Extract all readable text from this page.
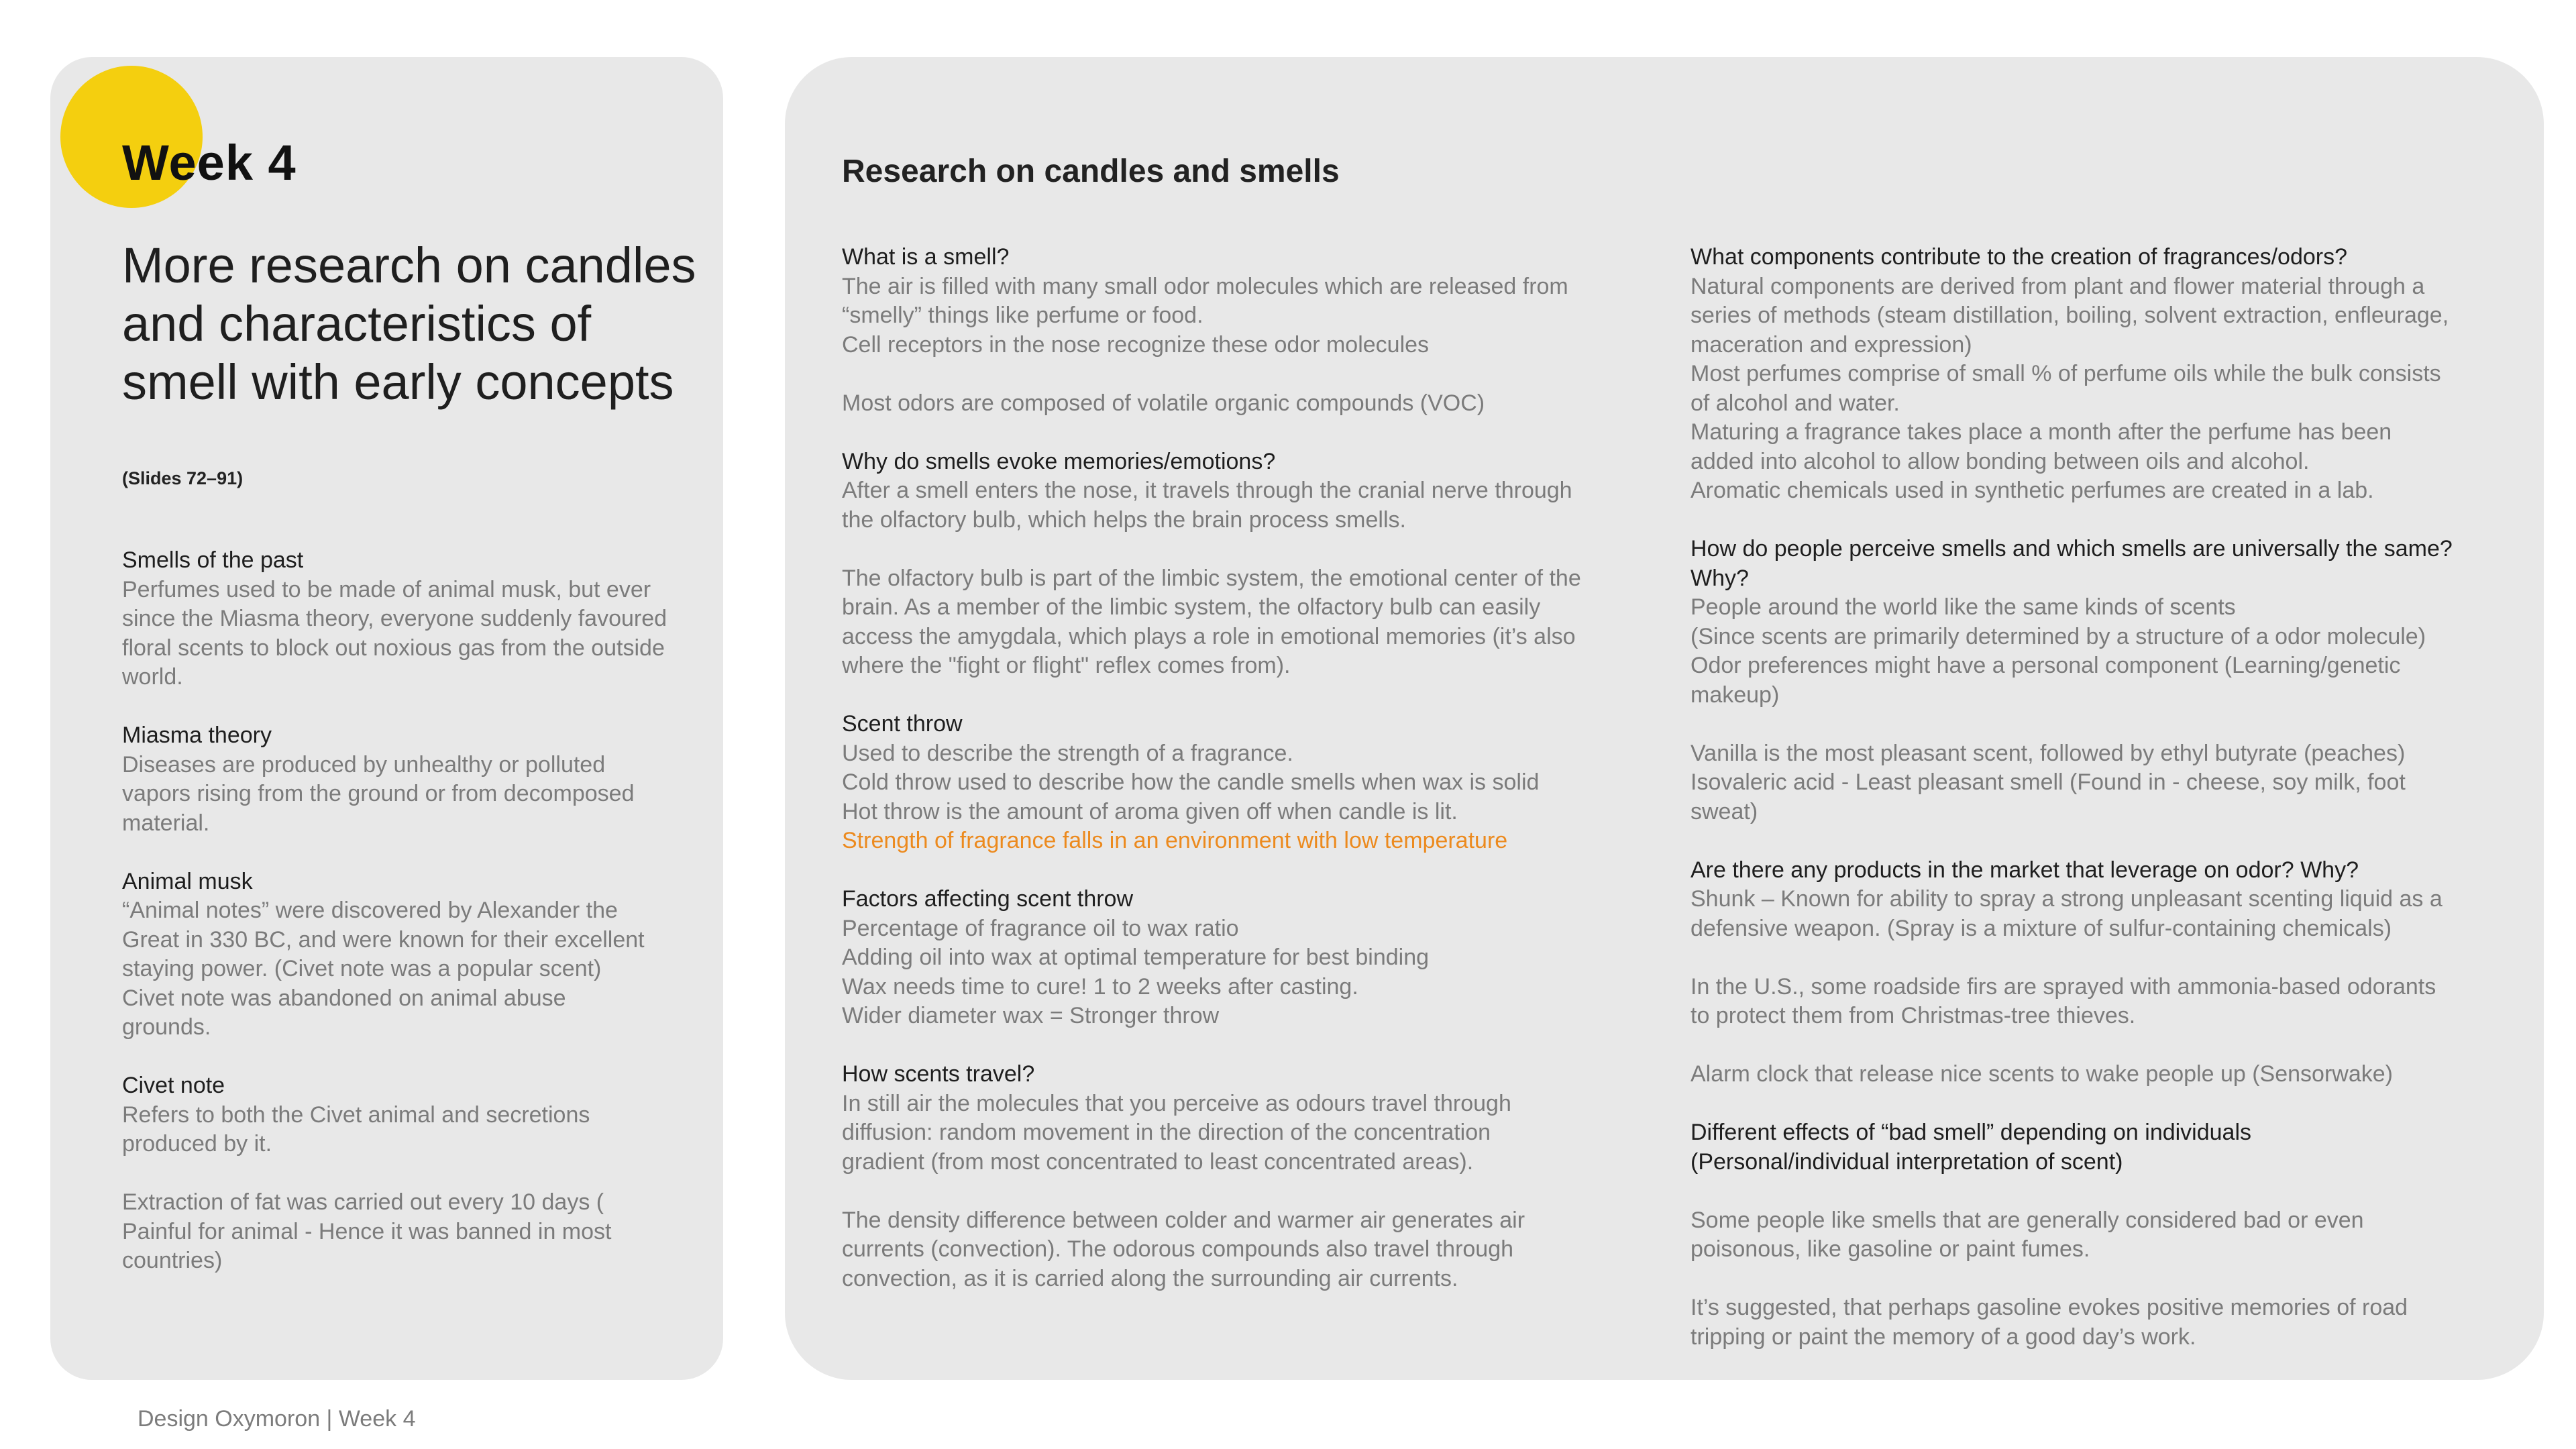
Week 4
More research on candles and characteristics of smell with early concepts
(Slides 72–91)
Smells of the past
Perfumes used to be made of animal musk, but ever
since the Miasma theory, everyone suddenly favoured
floral scents to block out noxious gas from the outside
world.
Miasma theory
Diseases are produced by unhealthy or polluted
vapors rising from the ground or from decomposed
material.
Animal musk
“Animal notes” were discovered by Alexander the
Great in 330 BC, and were known for their excellent
staying power. (Civet note was a popular scent)
Civet note was abandoned on animal abuse
grounds.
Civet note
Refers to both the Civet animal and secretions
produced by it.
Extraction of fat was carried out every 10 days (
Painful for animal - Hence it was banned in most
countries)
Research on candles and smells
What is a smell?
The air is filled with many small odor molecules which are released from
“smelly” things like perfume or food.
Cell receptors in the nose recognize these odor molecules
Most odors are composed of volatile organic compounds (VOC)
Why do smells evoke memories/emotions?
After a smell enters the nose, it travels through the cranial nerve through
the olfactory bulb, which helps the brain process smells.
The olfactory bulb is part of the limbic system, the emotional center of the
brain. As a member of the limbic system, the olfactory bulb can easily
access the amygdala, which plays a role in emotional memories (it’s also
where the "fight or flight" reflex comes from).
Scent throw
Used to describe the strength of a fragrance.
Cold throw used to describe how the candle smells when wax is solid
Hot throw is the amount of aroma given off when candle is lit.
Strength of fragrance falls in an environment with low temperature
Factors affecting scent throw
Percentage of fragrance oil to wax ratio
Adding oil into wax at optimal temperature for best binding
Wax needs time to cure! 1 to 2 weeks after casting.
Wider diameter wax = Stronger throw
How scents travel?
In still air the molecules that you perceive as odours travel through
diffusion: random movement in the direction of the concentration
gradient (from most concentrated to least concentrated areas).
The density difference between colder and warmer air generates air
currents (convection). The odorous compounds also travel through
convection, as it is carried along the surrounding air currents.
What components contribute to the creation of fragrances/odors?
Natural components are derived from plant and flower material through a
series of methods (steam distillation, boiling, solvent extraction, enfleurage,
maceration and expression)
Most perfumes comprise of small % of perfume oils while the bulk consists
of alcohol and water.
Maturing a fragrance takes place a month after the perfume has been
added into alcohol to allow bonding between oils and alcohol.
Aromatic chemicals used in synthetic perfumes are created in a lab.
How do people perceive smells and which smells are universally the same?
Why?
People around the world like the same kinds of scents
(Since scents are primarily determined by a structure of a odor molecule)
Odor preferences might have a personal component (Learning/genetic
makeup)
Vanilla is the most pleasant scent, followed by ethyl butyrate (peaches)
Isovaleric acid - Least pleasant smell (Found in - cheese, soy milk, foot
sweat)
Are there any products in the market that leverage on odor? Why?
Shunk – Known for ability to spray a strong unpleasant scenting liquid as a
defensive weapon. (Spray is a mixture of sulfur-containing chemicals)
In the U.S., some roadside firs are sprayed with ammonia-based odorants
to protect them from Christmas-tree thieves.
Alarm clock that release nice scents to wake people up (Sensorwake)
Different effects of “bad smell” depending on individuals
(Personal/individual interpretation of scent)
Some people like smells that are generally considered bad or even
poisonous, like gasoline or paint fumes.
It’s suggested, that perhaps gasoline evokes positive memories of road
tripping or paint the memory of a good day’s work.
Design Oxymoron | Week 4
